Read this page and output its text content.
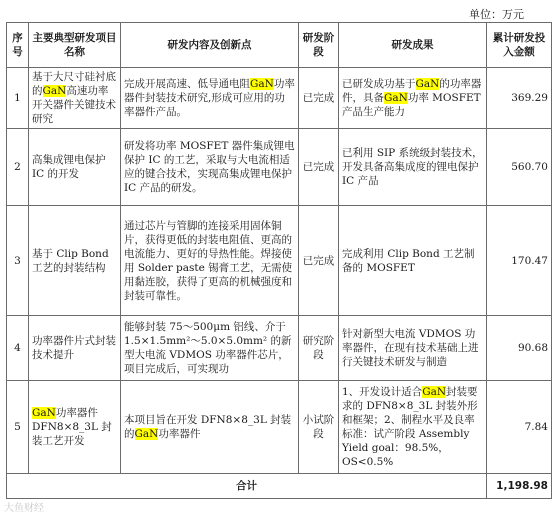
单位：万元
序号	主要典型研发项目名称	研发内容及创新点	研发阶段	研发成果	累计研发投入金额
1	基于大尺寸硅衬底的GaN高速功率开关器件关键技术研究	完成开展高速、低导通电阻GaN功率器件封装技术研究,形成可应用的功率器件产品。	已完成	已研发成功基于GaN的功率器件，具备GaN功率 MOSFET 产品生产能力	369.29
2	高集成锂电保护 IC 的开发	研发将功率 MOSFET 器件集成锂电保护 IC 的工艺，采取与大电流相适应的键合技术，实现高集成锂电保护 IC 产品的研发。	已完成	已利用 SIP 系统级封装技术，开发具备高集成度的锂电保护 IC 产品	560.70
3	基于 Clip Bond 工艺的封装结构	通过芯片与管脚的连接采用固体铜片，获得更低的封装电阻值、更高的电流能力、更好的导热性能。焊接使用 Solder paste 锡膏工艺，无需使用黏连胶，获得了更高的机械强度和封装可靠性。	已完成	完成利用 Clip Bond 工艺制备的 MOSFET	170.47
4	功率器件片式封装技术提升	能够封装 75～500μm 铝线、介于 1.5×1.5mm²～5.0×5.0mm² 的新型大电流 VDMOS 功率器件芯片，项目完成后，可实现功	研究阶段	针对新型大电流 VDMOS 功率器件，在现有技术基础上进行关键技术研发与制造	90.68
5	GaN功率器件 DFN8×8_3L 封装工艺开发	本项目旨在开发 DFN8×8_3L 封装的GaN功率器件	小试阶段	1、开发设计适合GaN封装要求的 DFN8×8_3L 封装外形和框架；2、制程水平及良率标准：试产阶段 Assembly Yield goal：98.5%，OS<0.5%	7.84
合计					1,198.98
大鱼财经
